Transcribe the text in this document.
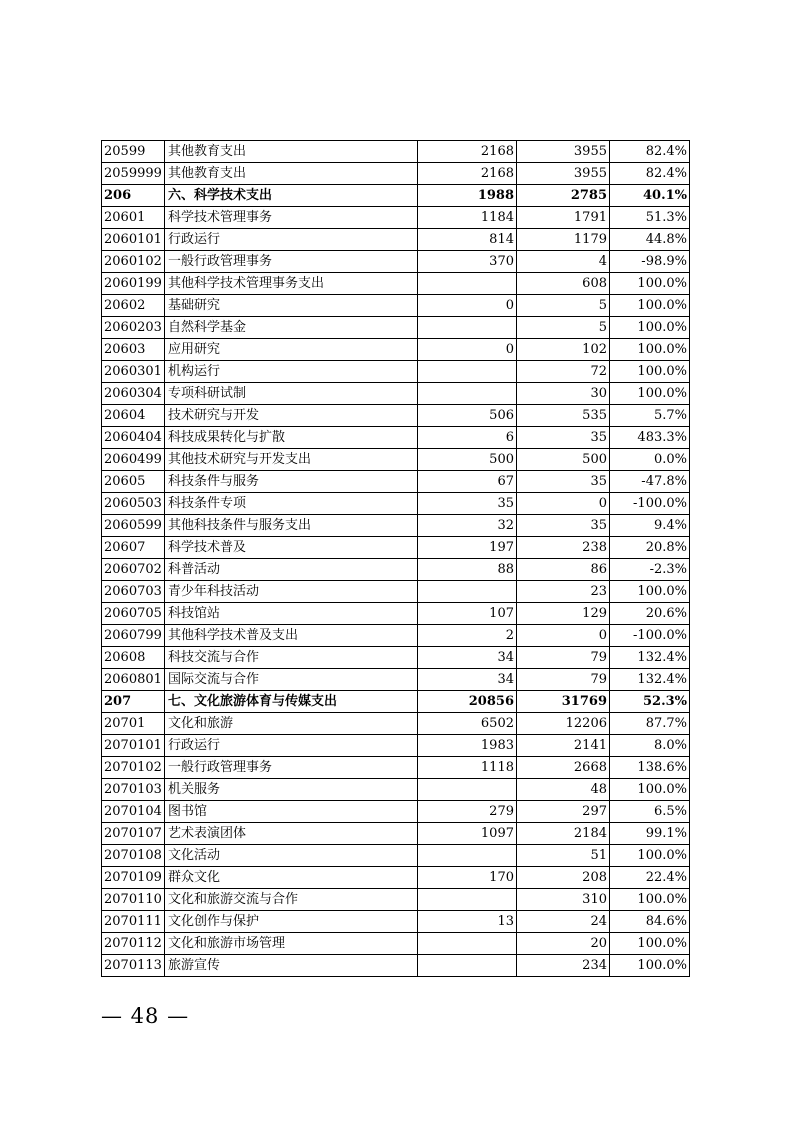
20599	其他教育支出	2168	3955	82.4%
2059999	其他教育支出	2168	3955	82.4%
206	六、科学技术支出	1988	2785	40.1%
20601	科学技术管理事务	1184	1791	51.3%
2060101	行政运行	814	1179	44.8%
2060102	一般行政管理事务	370	4	-98.9%
2060199	其他科学技术管理事务支出		608	100.0%
20602	基础研究	0	5	100.0%
2060203	自然科学基金		5	100.0%
20603	应用研究	0	102	100.0%
2060301	机构运行		72	100.0%
2060304	专项科研试制		30	100.0%
20604	技术研究与开发	506	535	5.7%
2060404	科技成果转化与扩散	6	35	483.3%
2060499	其他技术研究与开发支出	500	500	0.0%
20605	科技条件与服务	67	35	-47.8%
2060503	科技条件专项	35	0	-100.0%
2060599	其他科技条件与服务支出	32	35	9.4%
20607	科学技术普及	197	238	20.8%
2060702	科普活动	88	86	-2.3%
2060703	青少年科技活动		23	100.0%
2060705	科技馆站	107	129	20.6%
2060799	其他科学技术普及支出	2	0	-100.0%
20608	科技交流与合作	34	79	132.4%
2060801	国际交流与合作	34	79	132.4%
207	七、文化旅游体育与传媒支出	20856	31769	52.3%
20701	文化和旅游	6502	12206	87.7%
2070101	行政运行	1983	2141	8.0%
2070102	一般行政管理事务	1118	2668	138.6%
2070103	机关服务		48	100.0%
2070104	图书馆	279	297	6.5%
2070107	艺术表演团体	1097	2184	99.1%
2070108	文化活动		51	100.0%
2070109	群众文化	170	208	22.4%
2070110	文化和旅游交流与合作		310	100.0%
2070111	文化创作与保护	13	24	84.6%
2070112	文化和旅游市场管理		20	100.0%
2070113	旅游宣传		234	100.0%
— 48 —
